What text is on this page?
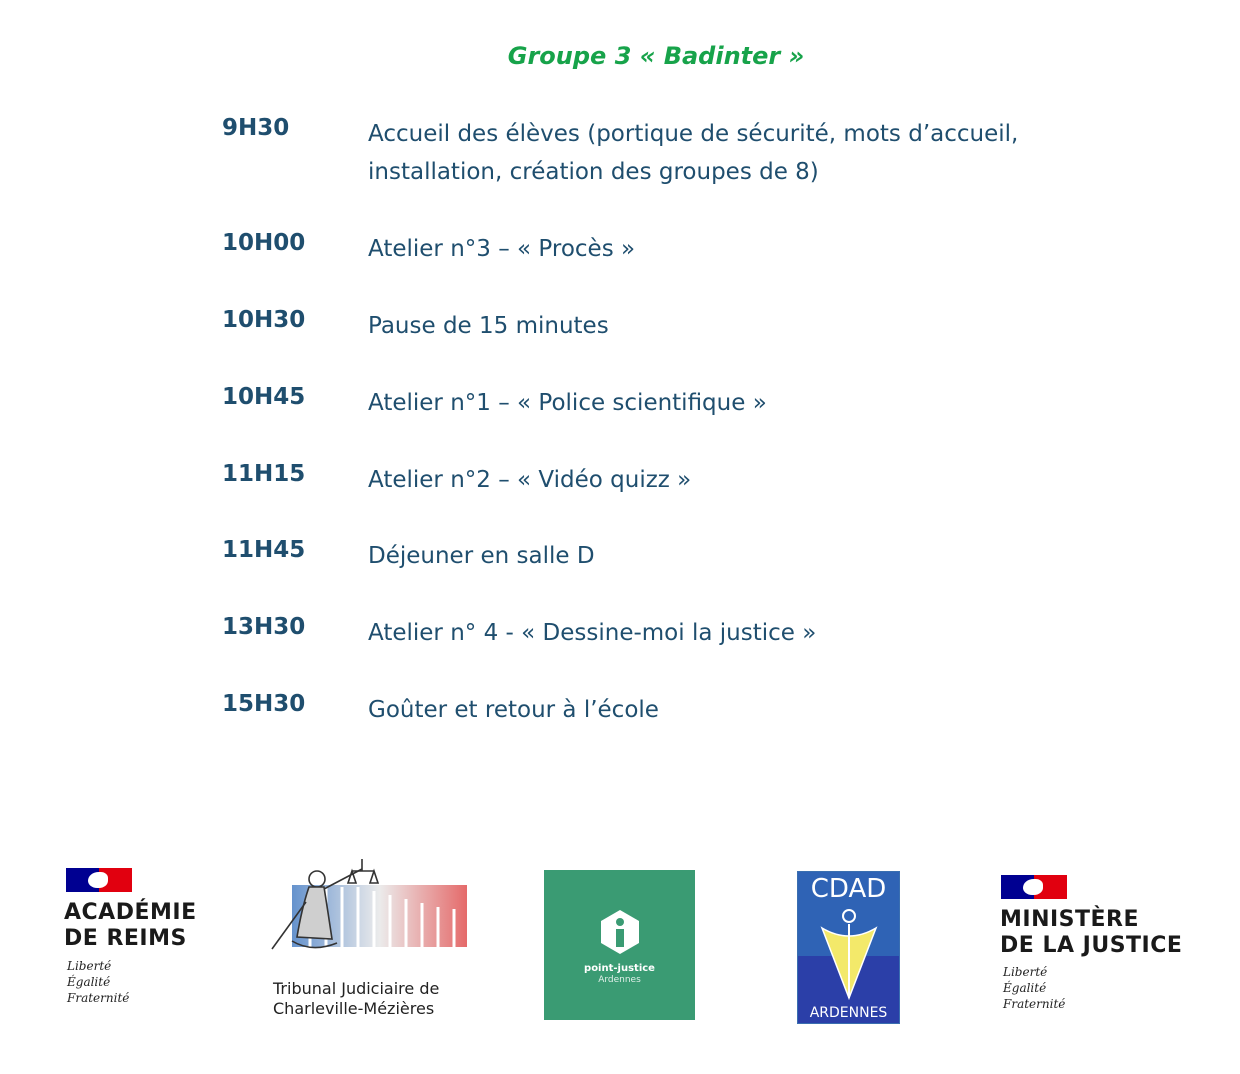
Groupe 3 « Badinter »
9H30	Accueil des élèves (portique de sécurité, mots d’accueil, installation, création des groupes de 8)
10H00	Atelier n°3 – « Procès »
10H30	Pause de 15 minutes
10H45	Atelier n°1 – « Police scientifique »
11H15	Atelier n°2 – « Vidéo quizz »
11H45	Déjeuner en salle D
13H30	Atelier n° 4 - « Dessine-moi la justice »
15H30	Goûter et retour à l’école
ACADÉMIE
DE REIMS
Liberté
Égalité
Fraternité	Tribunal Judiciaire de
Charleville-Mézières
point-justice
Ardennes
CDAD
ARDENNES
MINISTÈRE
DE LA JUSTICE
Liberté
Égalité
Fraternité
